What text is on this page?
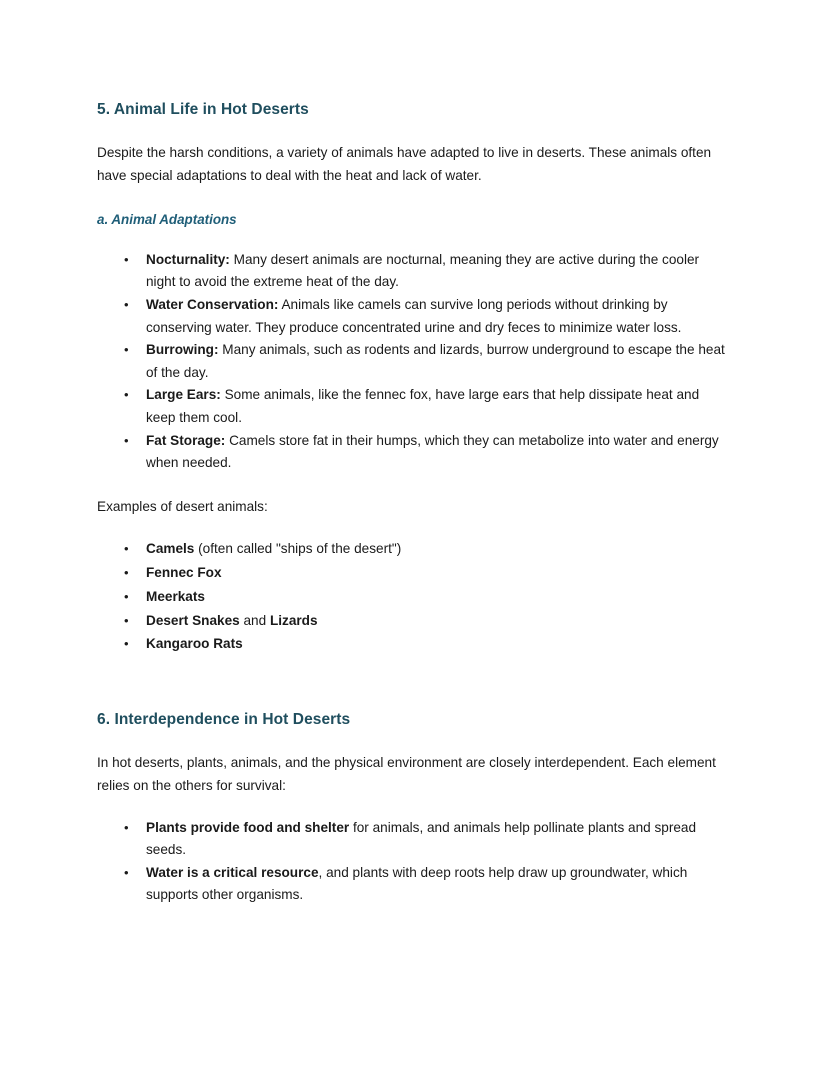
5. Animal Life in Hot Deserts

Despite the harsh conditions, a variety of animals have adapted to live in deserts. These animals often have special adaptations to deal with the heat and lack of water.

a. Animal Adaptations
• Nocturnality: Many desert animals are nocturnal, meaning they are active during the cooler night to avoid the extreme heat of the day.
• Water Conservation: Animals like camels can survive long periods without drinking by conserving water. They produce concentrated urine and dry feces to minimize water loss.
• Burrowing: Many animals, such as rodents and lizards, burrow underground to escape the heat of the day.
• Large Ears: Some animals, like the fennec fox, have large ears that help dissipate heat and keep them cool.
• Fat Storage: Camels store fat in their humps, which they can metabolize into water and energy when needed.

Examples of desert animals:

• Camels (often called "ships of the desert")
• Fennec Fox
• Meerkats
• Desert Snakes and Lizards
• Kangaroo Rats
6. Interdependence in Hot Deserts

In hot deserts, plants, animals, and the physical environment are closely interdependent. Each element relies on the others for survival:

• Plants provide food and shelter for animals, and animals help pollinate plants and spread seeds.
• Water is a critical resource, and plants with deep roots help draw up groundwater, which supports other organisms.
